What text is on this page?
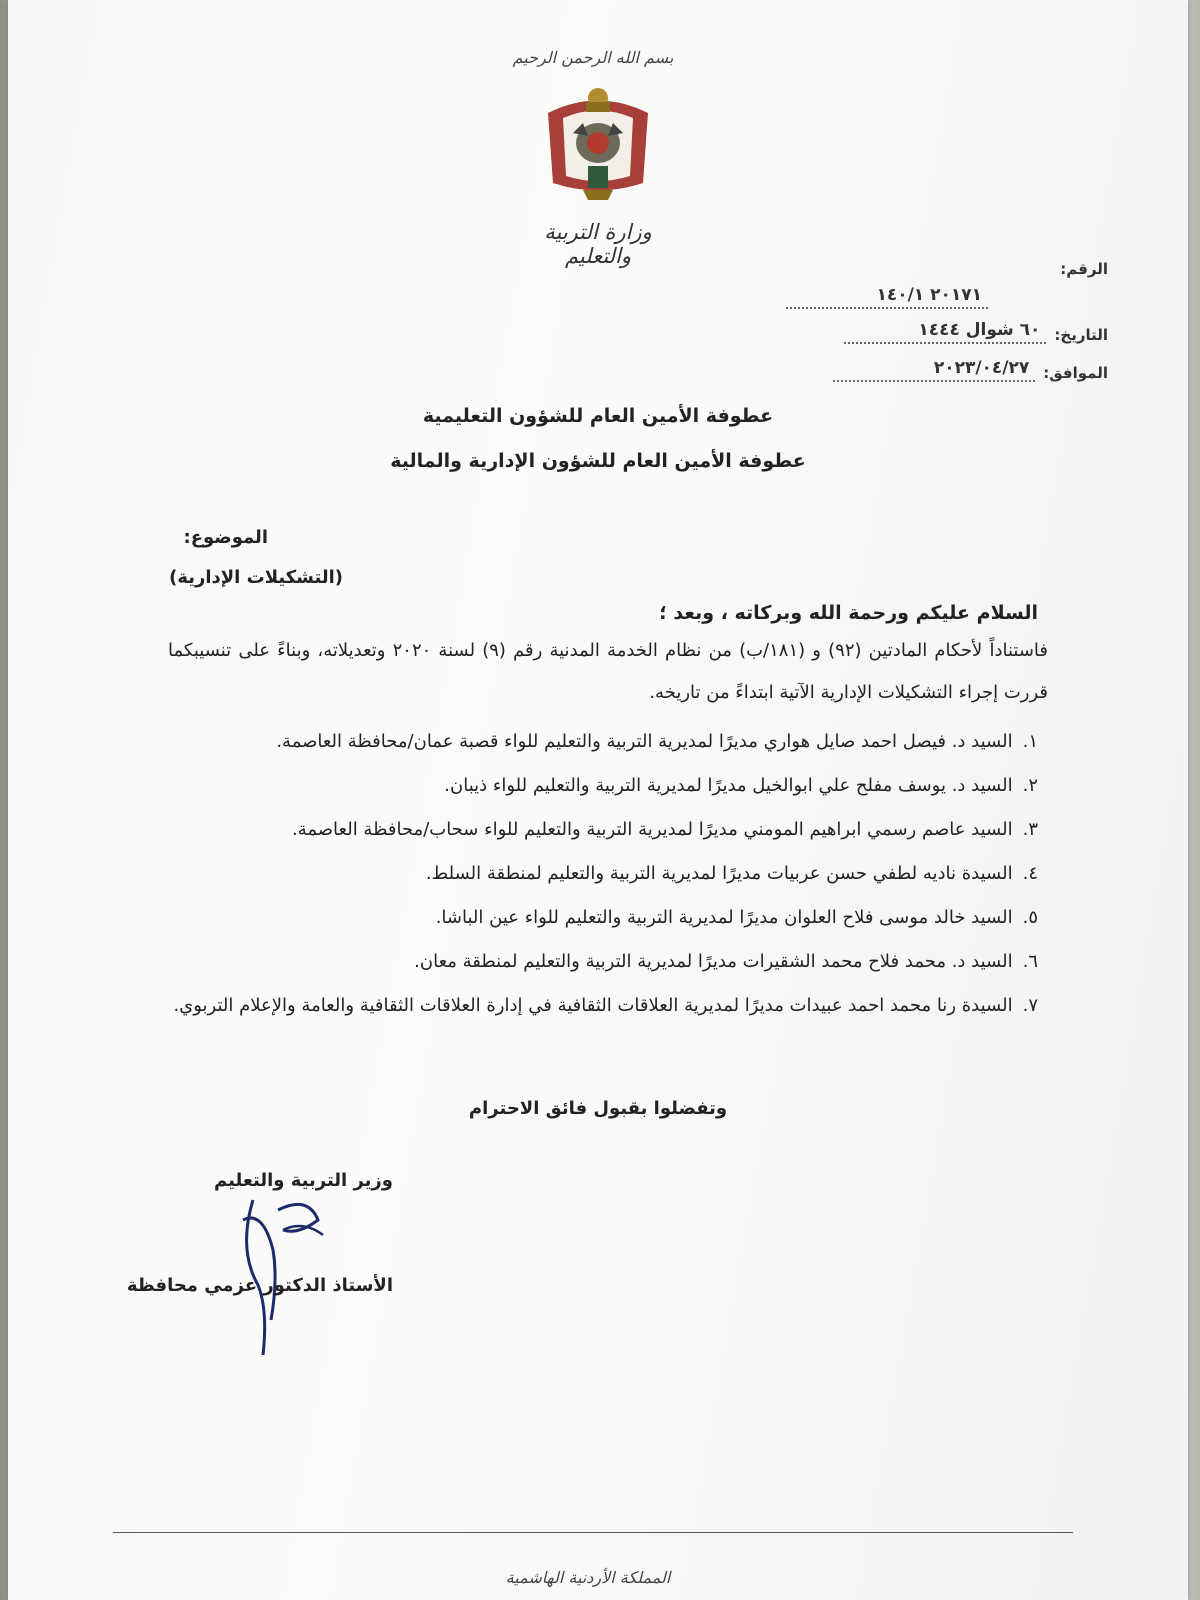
بسم الله الرحمن الرحيم
وزارة التربية والتعليم
الرقم:
٢٠١٧١ ١٤٠/١
التاريخ:
٦٠ شوال ١٤٤٤
الموافق:
٢٠٢٣/٠٤/٢٧
عطوفة الأمين العام للشؤون التعليمية
عطوفة الأمين العام للشؤون الإدارية والمالية
الموضوع:
(التشكيلات الإدارية)
السلام عليكم ورحمة الله وبركاته ، وبعد ؛
فاستناداً لأحكام المادتين (٩٢) و (١٨١/ب) من نظام الخدمة المدنية رقم (٩) لسنة ٢٠٢٠ وتعديلاته، وبناءً على تنسيبكما قررت إجراء التشكيلات الإدارية الآتية ابتداءً من تاريخه.
١.السيد د. فيصل احمد صايل هواري مديرًا لمديرية التربية والتعليم للواء قصبة عمان/محافظة العاصمة.
٢.السيد د. يوسف مفلح علي ابوالخيل مديرًا لمديرية التربية والتعليم للواء ذيبان.
٣.السيد عاصم رسمي ابراهيم المومني مديرًا لمديرية التربية والتعليم للواء سحاب/محافظة العاصمة.
٤.السيدة ناديه لطفي حسن عربيات مديرًا لمديرية التربية والتعليم لمنطقة السلط.
٥.السيد خالد موسى فلاح العلوان مديرًا لمديرية التربية والتعليم للواء عين الباشا.
٦.السيد د. محمد فلاح محمد الشقيرات مديرًا لمديرية التربية والتعليم لمنطقة معان.
٧.السيدة رنا محمد احمد عبيدات مديرًا لمديرية العلاقات الثقافية في إدارة العلاقات الثقافية والعامة والإعلام التربوي.
وتفضلوا بقبول فائق الاحترام
وزير التربية والتعليم
الأستاذ الدكتور عزمي محافظة
المملكة الأردنية الهاشمية
